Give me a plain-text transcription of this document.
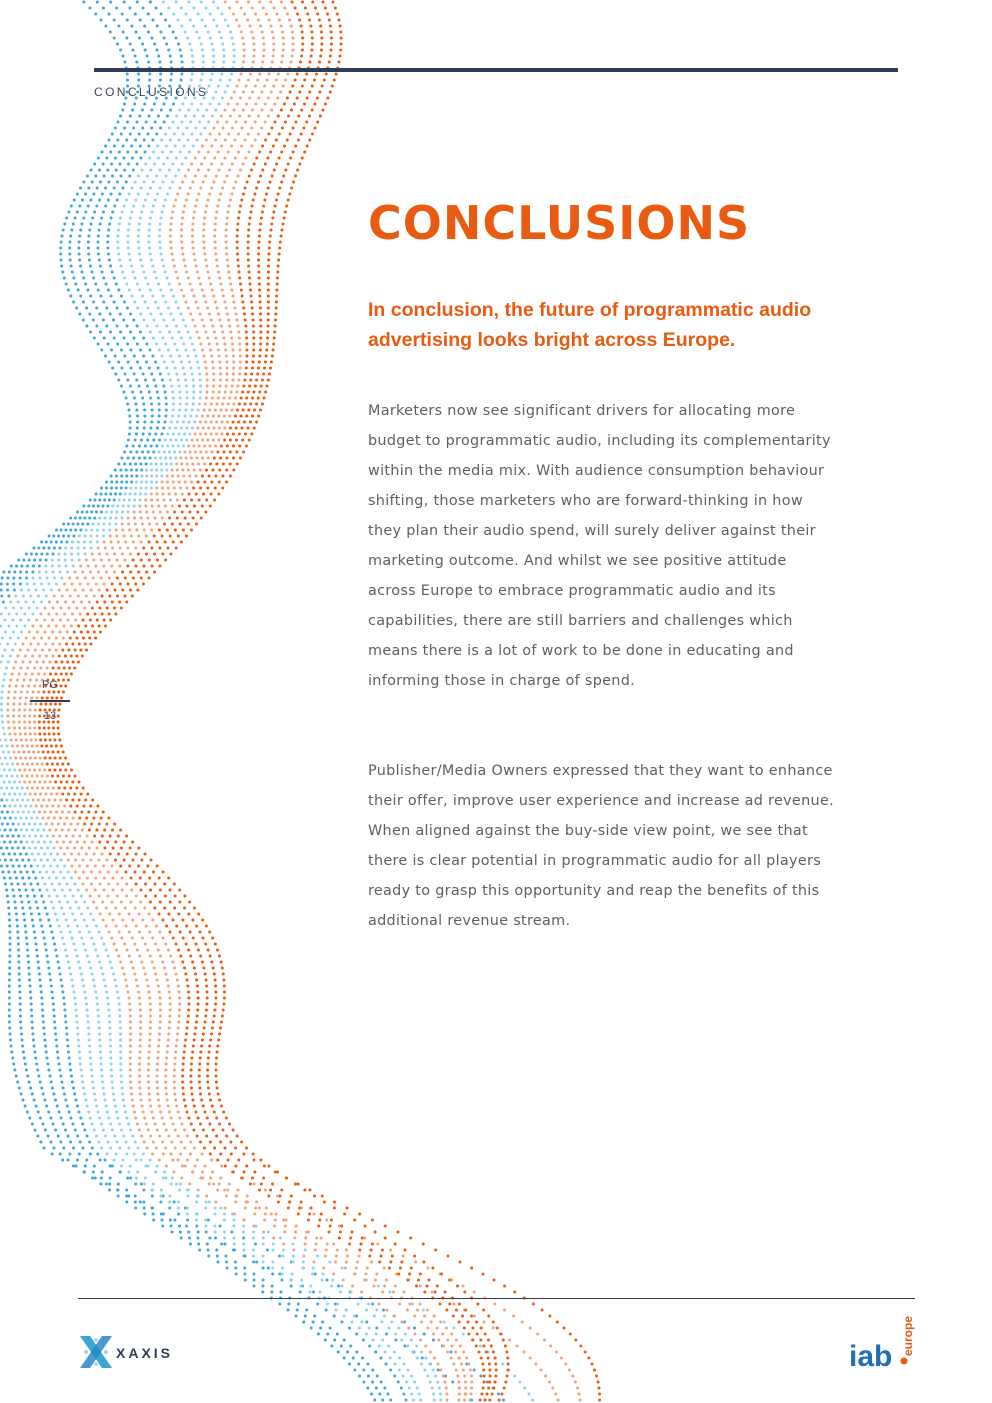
CONCLUSIONS
CONCLUSIONS

In conclusion, the future of programmatic audio advertising looks bright across Europe.

Marketers now see significant drivers for allocating more budget to programmatic audio, including its complementarity within the media mix. With audience consumption behaviour shifting, those marketers who are forward-thinking in how they plan their audio spend, will surely deliver against their marketing outcome. And whilst we see positive attitude across Europe to embrace programmatic audio and its capabilities, there are still barriers and challenges which means there is a lot of work to be done in educating and informing those in charge of spend.

Publisher/Media Owners expressed that they want to enhance their offer, improve user experience and increase ad revenue. When aligned against the buy-side view point, we see that there is clear potential in programmatic audio for all players ready to grasp this opportunity and reap the benefits of this additional revenue stream.

PG
13
XAXIS	iab
europe
